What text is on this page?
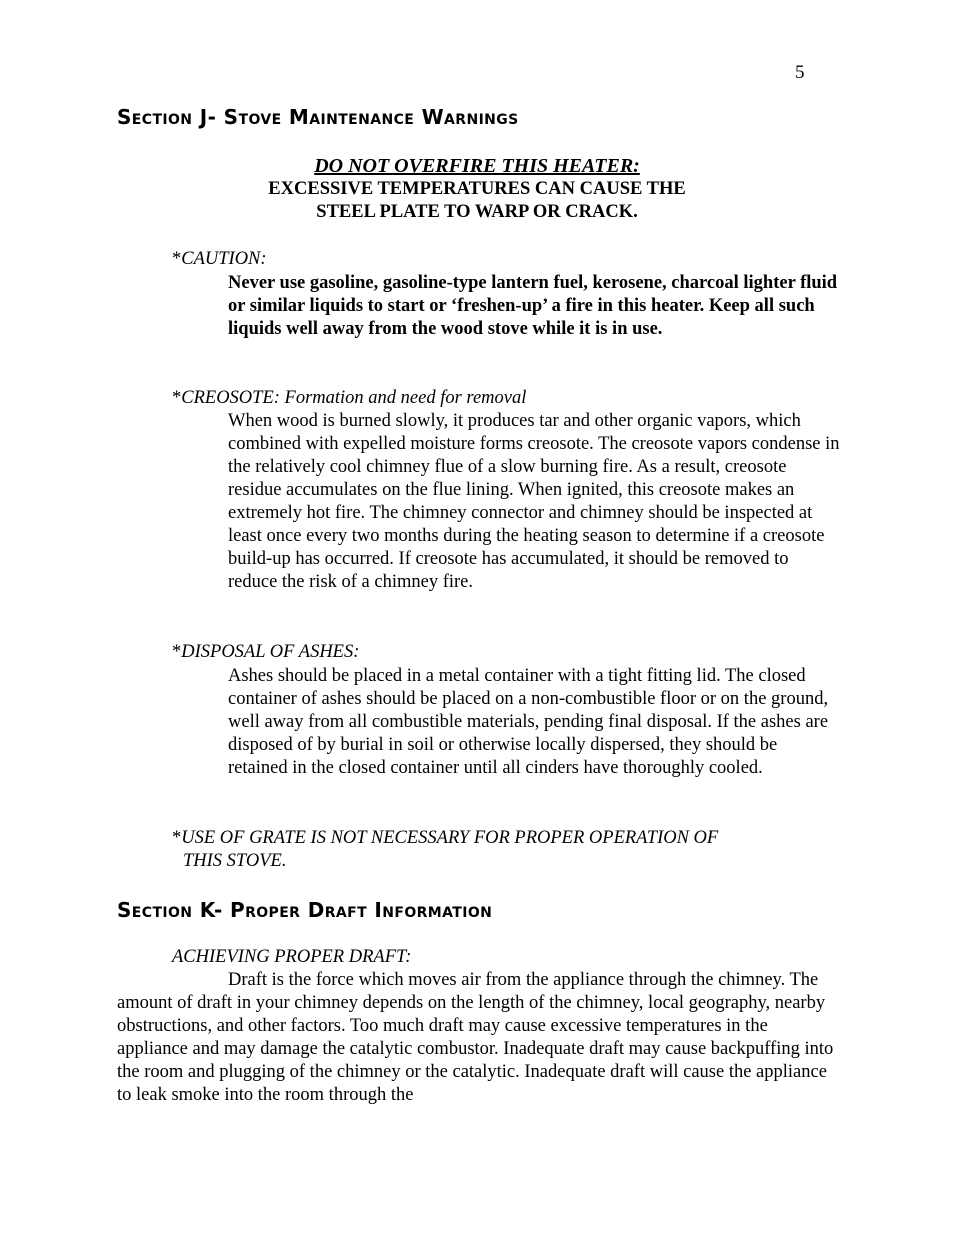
5
Section J- Stove Maintenance Warnings
DO NOT OVERFIRE THIS HEATER:
EXCESSIVE TEMPERATURES CAN CAUSE THE
STEEL PLATE TO WARP OR CRACK.
*CAUTION:
Never use gasoline, gasoline-type lantern fuel, kerosene, charcoal lighter fluid or similar liquids to start or ‘freshen-up’ a fire in this heater. Keep all such liquids well away from the wood stove while it is in use.
*CREOSOTE: Formation and need for removal
When wood is burned slowly, it produces tar and other organic vapors, which combined with expelled moisture forms creosote. The creosote vapors condense in the relatively cool chimney flue of a slow burning fire. As a result, creosote residue accumulates on the flue lining. When ignited, this creosote makes an extremely hot fire. The chimney connector and chimney should be inspected at least once every two months during the heating season to determine if a creosote build-up has occurred. If creosote has accumulated, it should be removed to reduce the risk of a chimney fire.
*DISPOSAL OF ASHES:
Ashes should be placed in a metal container with a tight fitting lid. The closed container of ashes should be placed on a non-combustible floor or on the ground, well away from all combustible materials, pending final disposal. If the ashes are disposed of by burial in soil or otherwise locally dispersed, they should be retained in the closed container until all cinders have thoroughly cooled.
*USE OF GRATE IS NOT NECESSARY FOR PROPER OPERATION OF
THIS STOVE.
Section K- Proper Draft Information
ACHIEVING PROPER DRAFT:
Draft is the force which moves air from the appliance through the chimney. The amount of draft in your chimney depends on the length of the chimney, local geography, nearby obstructions, and other factors. Too much draft may cause excessive temperatures in the appliance and may damage the catalytic combustor. Inadequate draft may cause backpuffing into the room and plugging of the chimney or the catalytic. Inadequate draft will cause the appliance to leak smoke into the room through the
